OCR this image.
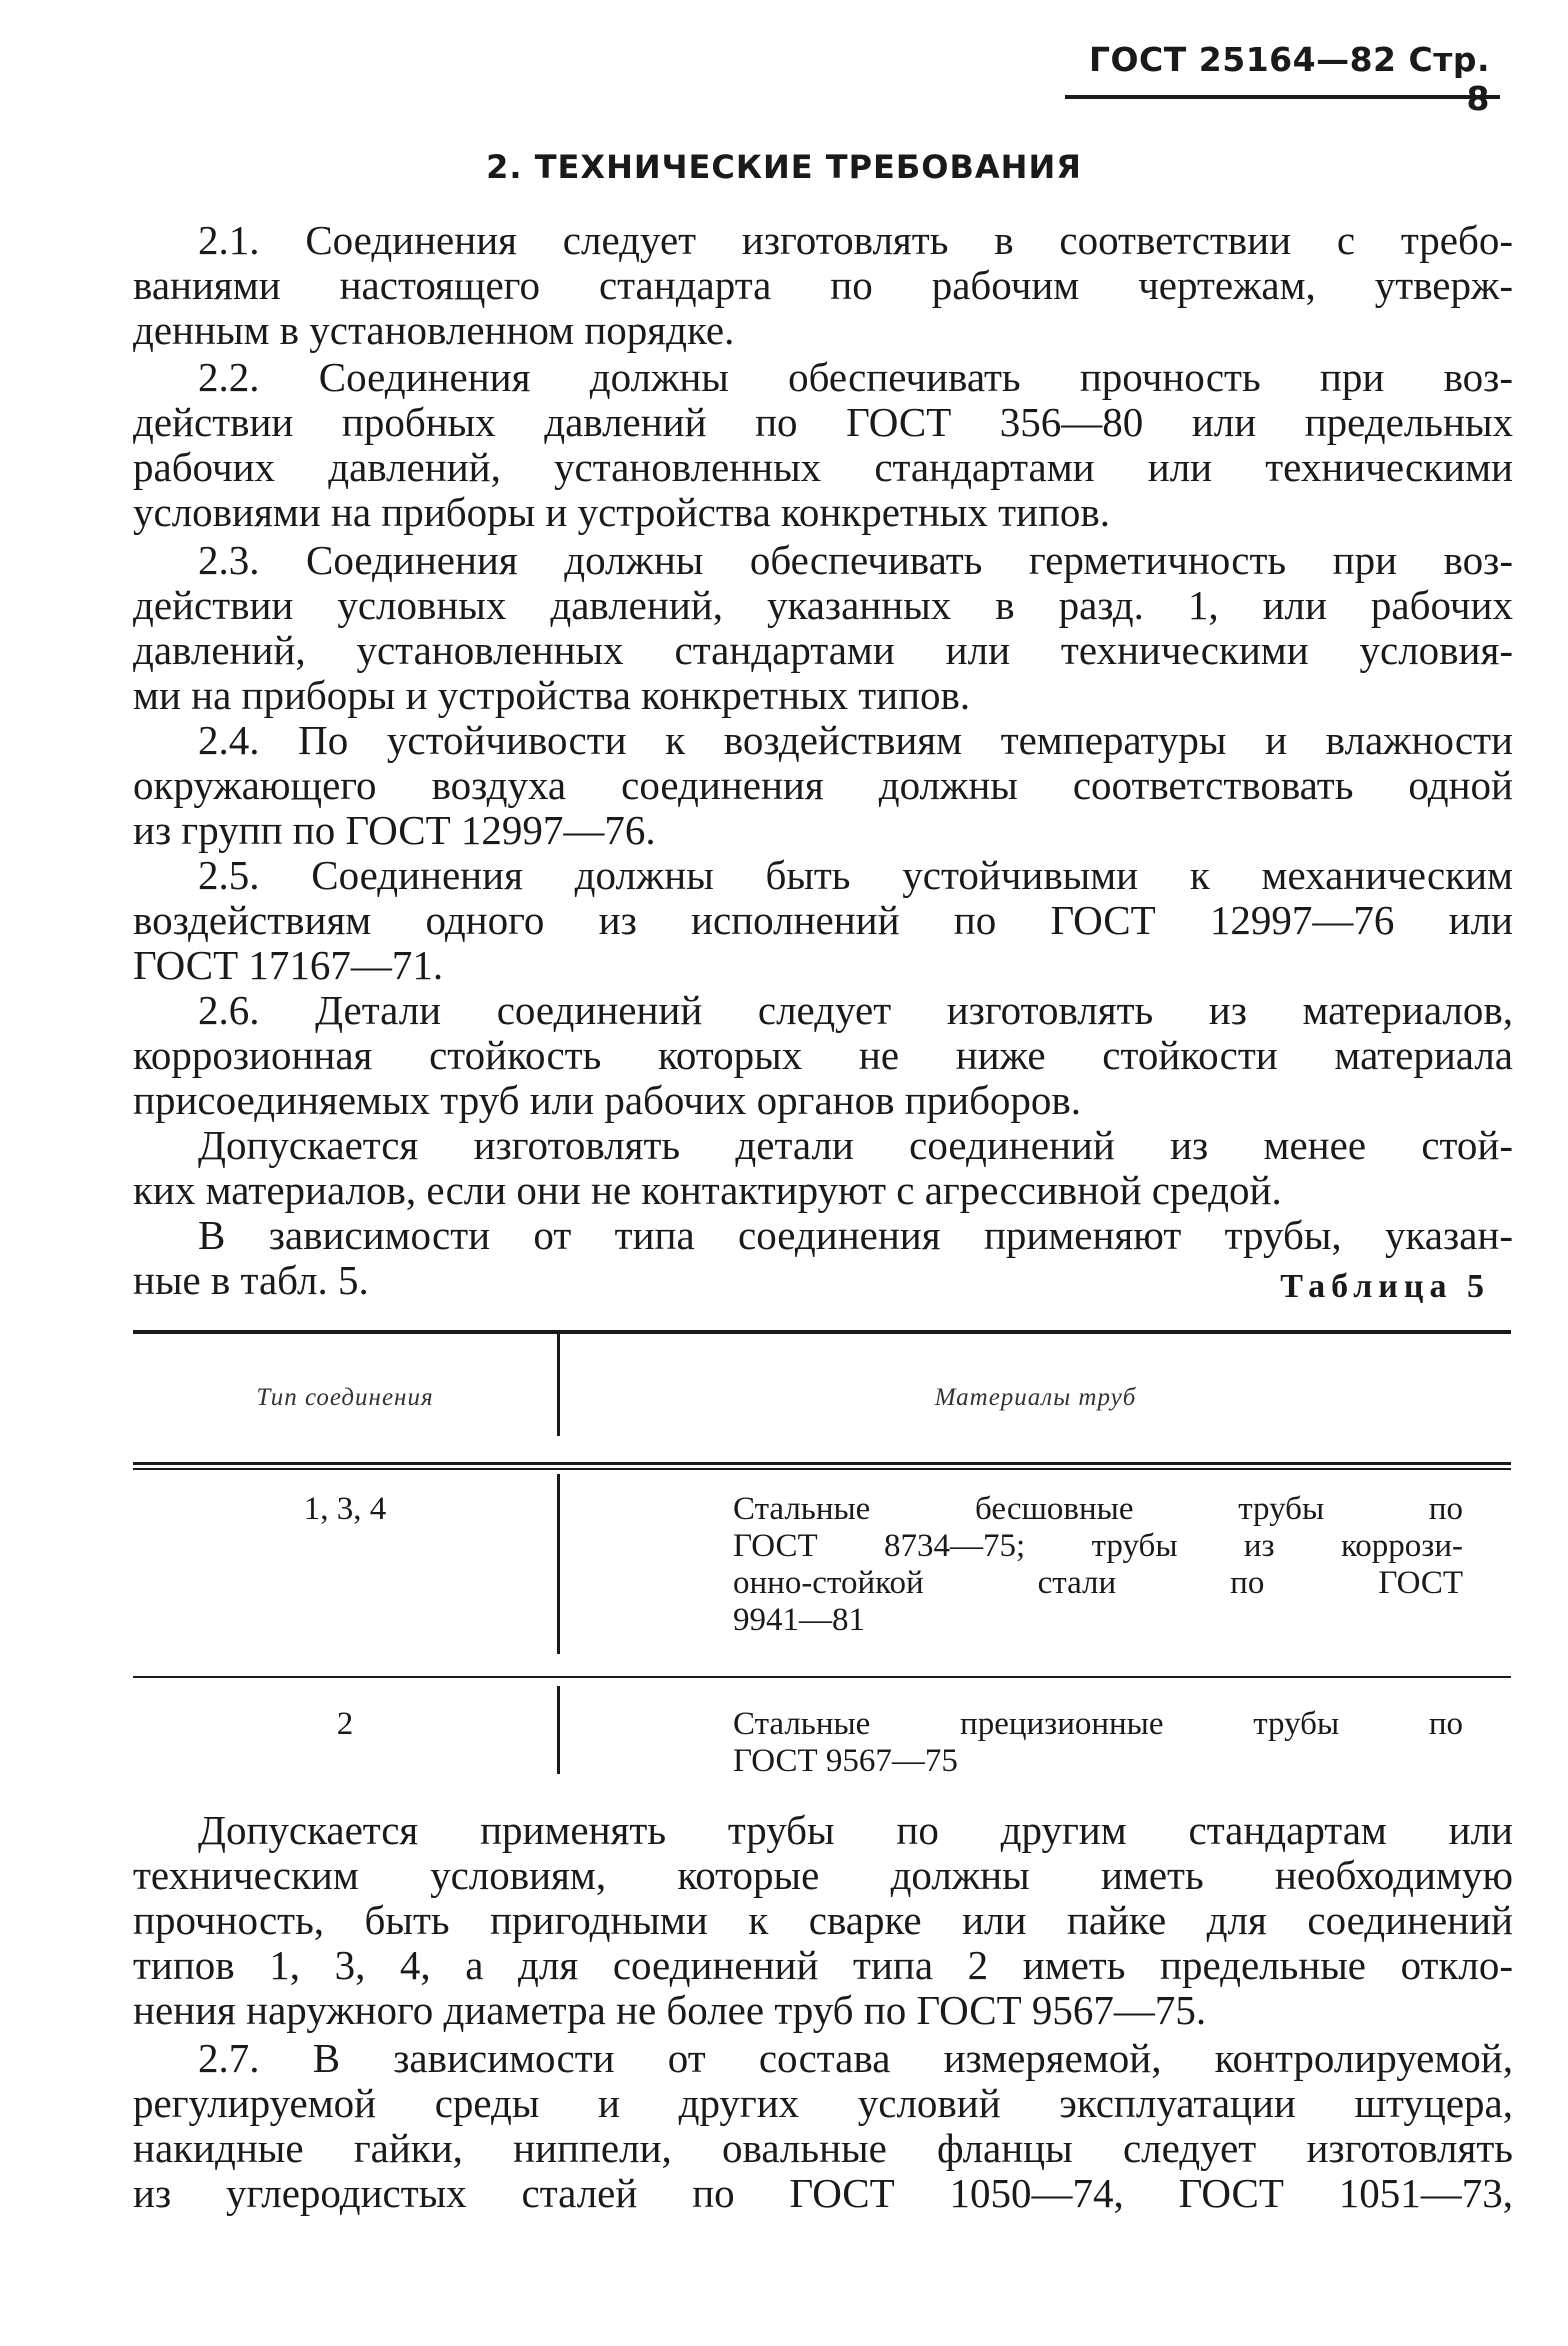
ГОСТ 25164—82 Стр. 8
2. ТЕХНИЧЕСКИЕ ТРЕБОВАНИЯ
2.1. Соединения следует изготовлять в соответствии с требо-
ваниями настоящего стандарта по рабочим чертежам, утверж-
денным в установленном порядке.
2.2. Соединения должны обеспечивать прочность при воз-
действии пробных давлений по ГОСТ 356—80 или предельных
рабочих давлений, установленных стандартами или техническими
условиями на приборы и устройства конкретных типов.
2.3. Соединения должны обеспечивать герметичность при воз-
действии условных давлений, указанных в разд. 1, или рабочих
давлений, установленных стандартами или техническими условия-
ми на приборы и устройства конкретных типов.
2.4. По устойчивости к воздействиям температуры и влажности
окружающего воздуха соединения должны соответствовать одной
из групп по ГОСТ 12997—76.
2.5. Соединения должны быть устойчивыми к механическим
воздействиям одного из исполнений по ГОСТ 12997—76 или
ГОСТ 17167—71.
2.6. Детали соединений следует изготовлять из материалов,
коррозионная стойкость которых не ниже стойкости материала
присоединяемых труб или рабочих органов приборов.
Допускается изготовлять детали соединений из менее стой-
ких материалов, если они не контактируют с агрессивной средой.
В зависимости от типа соединения применяют трубы, указан-
ные в табл. 5.	Таблица 5
Тип соединения	Материалы труб
1, 3, 4	Стальные бесшовные трубы по
ГОСТ 8734—75; трубы из коррози-
онно-стойкой стали по ГОСТ
9941—81
2	Стальные прецизионные трубы по
ГОСТ 9567—75
Допускается применять трубы по другим стандартам или
техническим условиям, которые должны иметь необходимую
прочность, быть пригодными к сварке или пайке для соединений
типов 1, 3, 4, а для соединений типа 2 иметь предельные откло-
нения наружного диаметра не более труб по ГОСТ 9567—75.
2.7. В зависимости от состава измеряемой, контролируемой,
регулируемой среды и других условий эксплуатации штуцера,
накидные гайки, ниппели, овальные фланцы следует изготовлять
из углеродистых сталей по ГОСТ 1050—74, ГОСТ 1051—73,
